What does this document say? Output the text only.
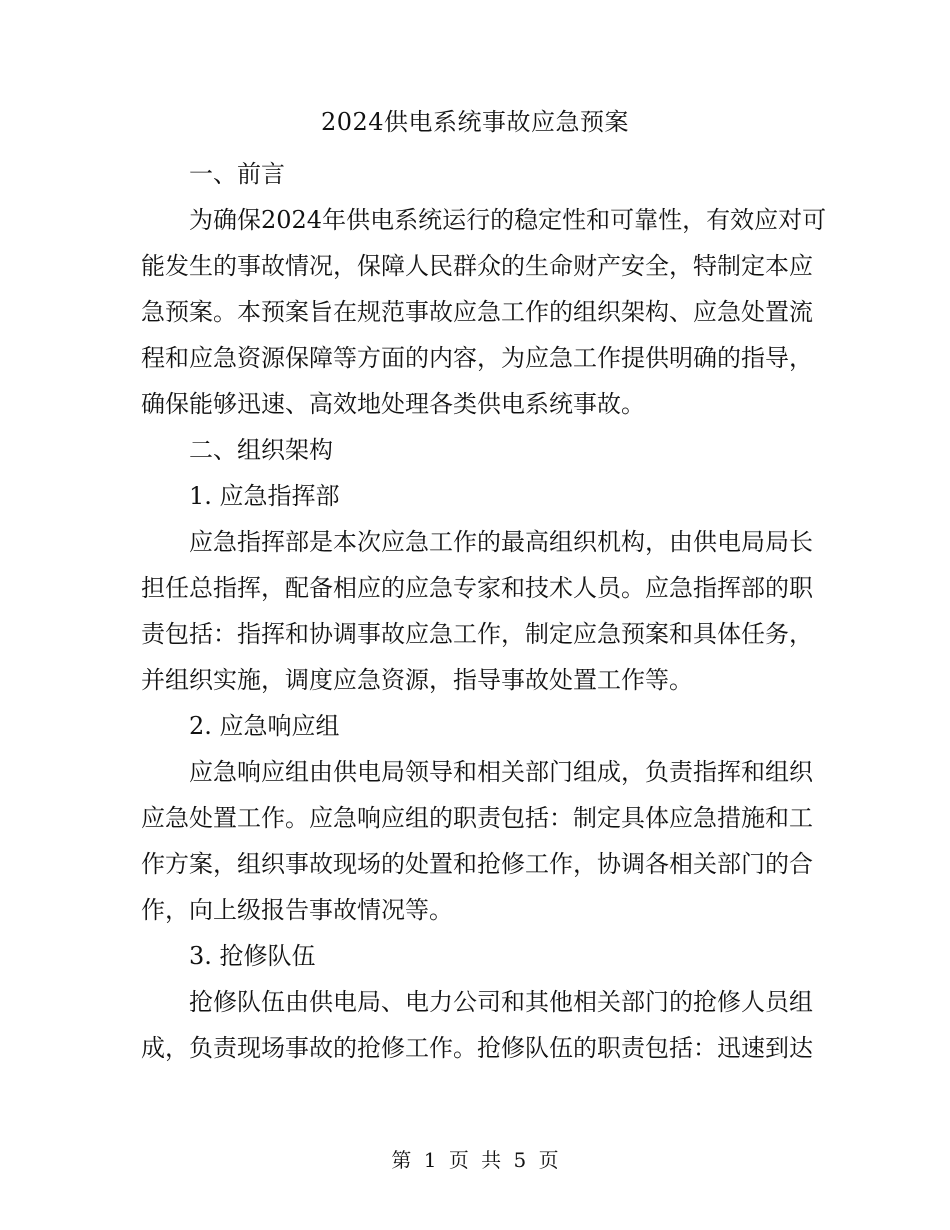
2024供电系统事故应急预案
一、前言
为确保2024年供电系统运行的稳定性和可靠性，有效应对可
能发生的事故情况，保障人民群众的生命财产安全，特制定本应
急预案。本预案旨在规范事故应急工作的组织架构、应急处置流
程和应急资源保障等方面的内容，为应急工作提供明确的指导，
确保能够迅速、高效地处理各类供电系统事故。
二、组织架构
1. 应急指挥部
应急指挥部是本次应急工作的最高组织机构，由供电局局长
担任总指挥，配备相应的应急专家和技术人员。应急指挥部的职
责包括：指挥和协调事故应急工作，制定应急预案和具体任务，
并组织实施，调度应急资源，指导事故处置工作等。
2. 应急响应组
应急响应组由供电局领导和相关部门组成，负责指挥和组织
应急处置工作。应急响应组的职责包括：制定具体应急措施和工
作方案，组织事故现场的处置和抢修工作，协调各相关部门的合
作，向上级报告事故情况等。
3. 抢修队伍
抢修队伍由供电局、电力公司和其他相关部门的抢修人员组
成，负责现场事故的抢修工作。抢修队伍的职责包括：迅速到达
第 1 页 共 5 页
